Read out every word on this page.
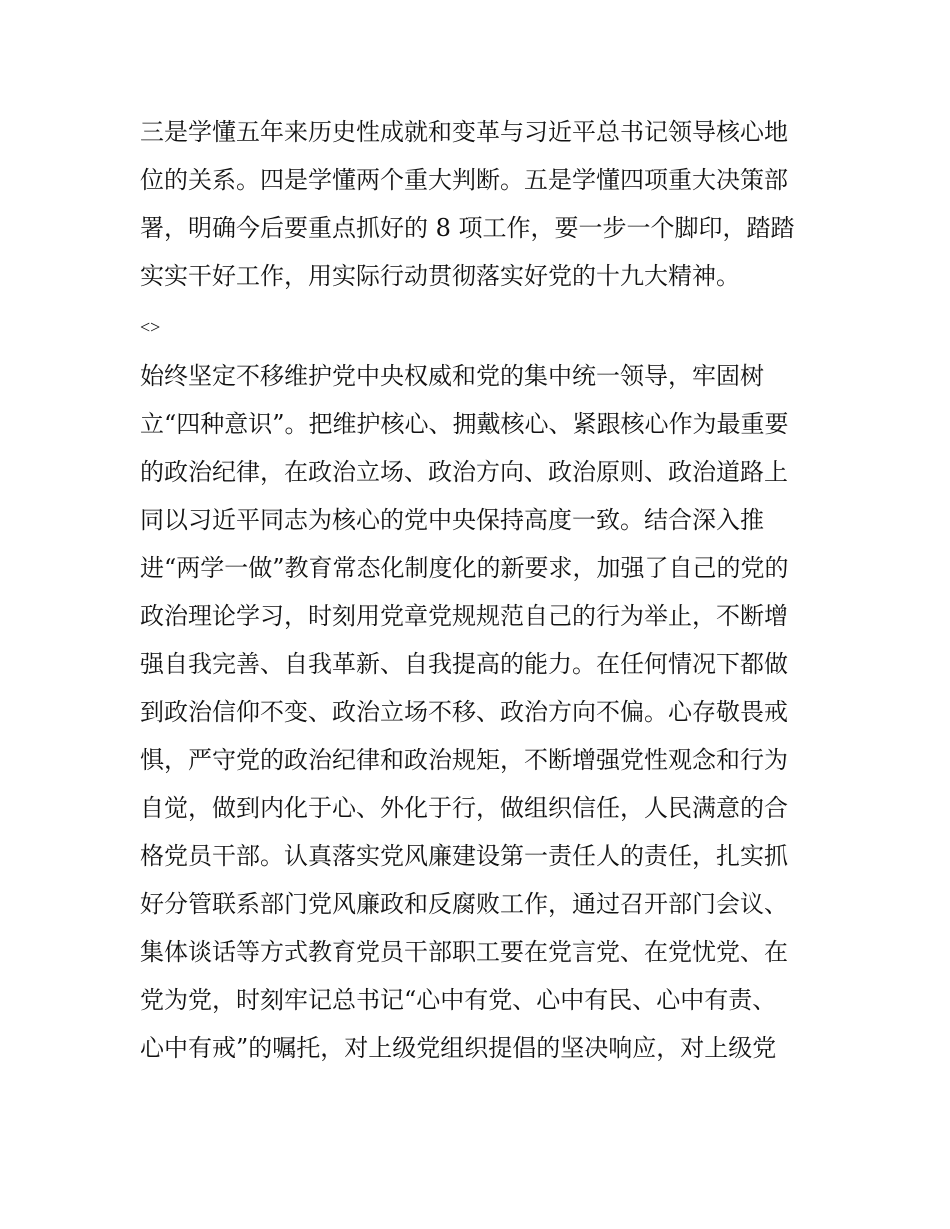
三是学懂五年来历史性成就和变革与习近平总书记领导核心地
位的关系。四是学懂两个重大判断。五是学懂四项重大决策部
署，明确今后要重点抓好的 8 项工作，要一步一个脚印，踏踏
实实干好工作，用实际行动贯彻落实好党的十九大精神。
<>
始终坚定不移维护党中央权威和党的集中统一领导，牢固树
立“四种意识”。把维护核心、拥戴核心、紧跟核心作为最重要
的政治纪律，在政治立场、政治方向、政治原则、政治道路上
同以习近平同志为核心的党中央保持高度一致。结合深入推
进“两学一做”教育常态化制度化的新要求，加强了自己的党的
政治理论学习，时刻用党章党规规范自己的行为举止，不断增
强自我完善、自我革新、自我提高的能力。在任何情况下都做
到政治信仰不变、政治立场不移、政治方向不偏。心存敬畏戒
惧，严守党的政治纪律和政治规矩，不断增强党性观念和行为
自觉，做到内化于心、外化于行，做组织信任，人民满意的合
格党员干部。认真落实党风廉建设第一责任人的责任，扎实抓
好分管联系部门党风廉政和反腐败工作，通过召开部门会议、
集体谈话等方式教育党员干部职工要在党言党、在党忧党、在
党为党，时刻牢记总书记“心中有党、心中有民、心中有责、
心中有戒”的嘱托，对上级党组织提倡的坚决响应，对上级党
